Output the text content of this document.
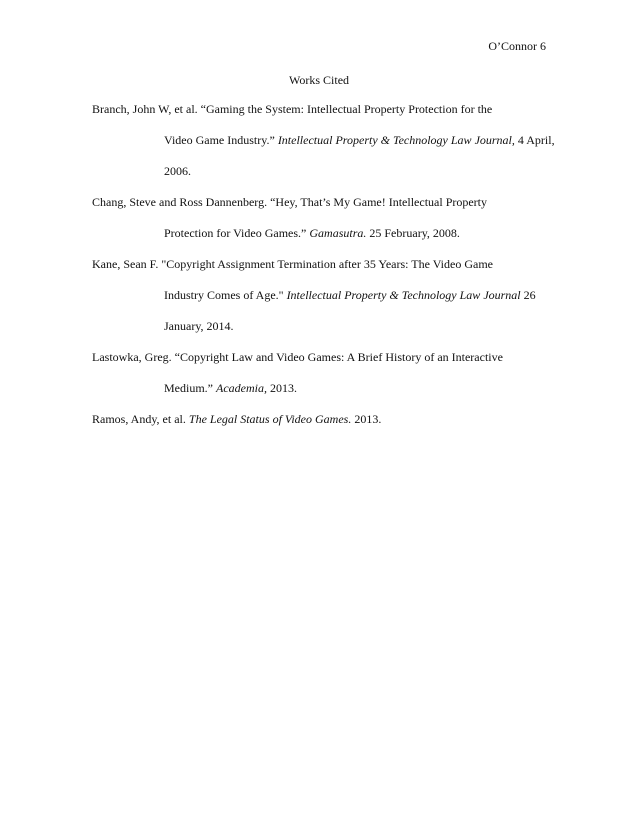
O’Connor 6
Works Cited

Branch, John W, et al. “Gaming the System: Intellectual Property Protection for the
Video Game Industry.” Intellectual Property & Technology Law Journal, 4 April,
2006.

Chang, Steve and Ross Dannenberg. “Hey, That’s My Game! Intellectual Property
Protection for Video Games.” Gamasutra. 25 February, 2008.

Kane, Sean F. "Copyright Assignment Termination after 35 Years: The Video Game
Industry Comes of Age." Intellectual Property & Technology Law Journal 26
January, 2014.

Lastowka, Greg. “Copyright Law and Video Games: A Brief History of an Interactive
Medium.” Academia, 2013.

Ramos, Andy, et al. The Legal Status of Video Games. 2013.
